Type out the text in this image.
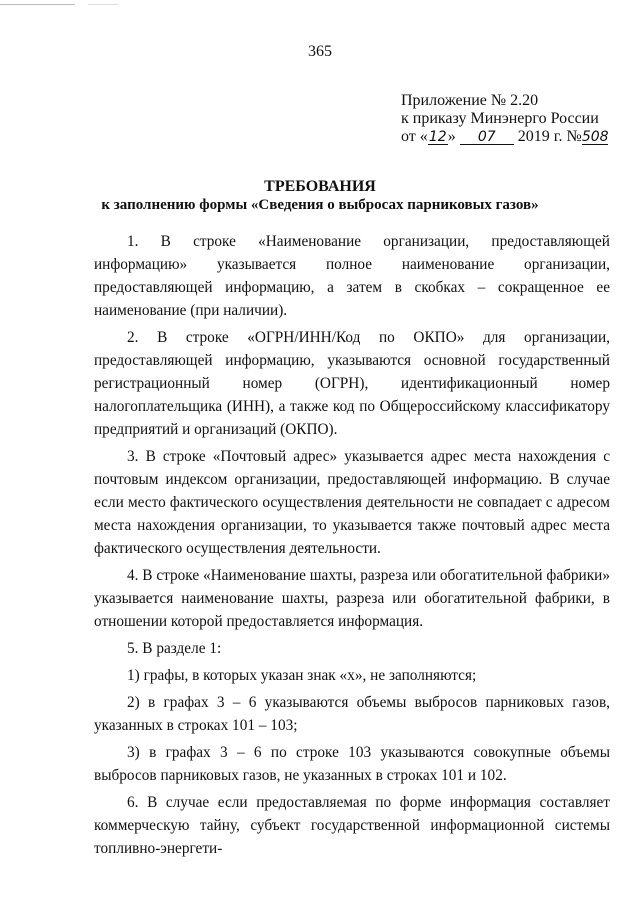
365
Приложение № 2.20
к приказу Минэнерго России
от «12» 07 2019 г. №508
ТРЕБОВАНИЯ
к заполнению формы «Сведения о выбросах парниковых газов»

1. В строке «Наименование организации, предоставляющей информацию» указывается полное наименование организации, предоставляющей информацию, а затем в скобках – сокращенное ее наименование (при наличии).

2. В строке «ОГРН/ИНН/Код по ОКПО» для организации, предоставляющей информацию, указываются основной государственный регистрационный номер (ОГРН), идентификационный номер налогоплательщика (ИНН), а также код по Общероссийскому классификатору предприятий и организаций (ОКПО).

3. В строке «Почтовый адрес» указывается адрес места нахождения с почтовым индексом организации, предоставляющей информацию. В случае если место фактического осуществления деятельности не совпадает с адресом места нахождения организации, то указывается также почтовый адрес места фактического осуществления деятельности.

4. В строке «Наименование шахты, разреза или обогатительной фабрики» указывается наименование шахты, разреза или обогатительной фабрики, в отношении которой предоставляется информация.

5. В разделе 1:

1) графы, в которых указан знак «х», не заполняются;

2) в графах 3 – 6 указываются объемы выбросов парниковых газов, указанных в строках 101 – 103;

3) в графах 3 – 6 по строке 103 указываются совокупные объемы выбросов парниковых газов, не указанных в строках 101 и 102.

6. В случае если предоставляемая по форме информация составляет коммерческую тайну, субъект государственной информационной системы топливно-энергети-
